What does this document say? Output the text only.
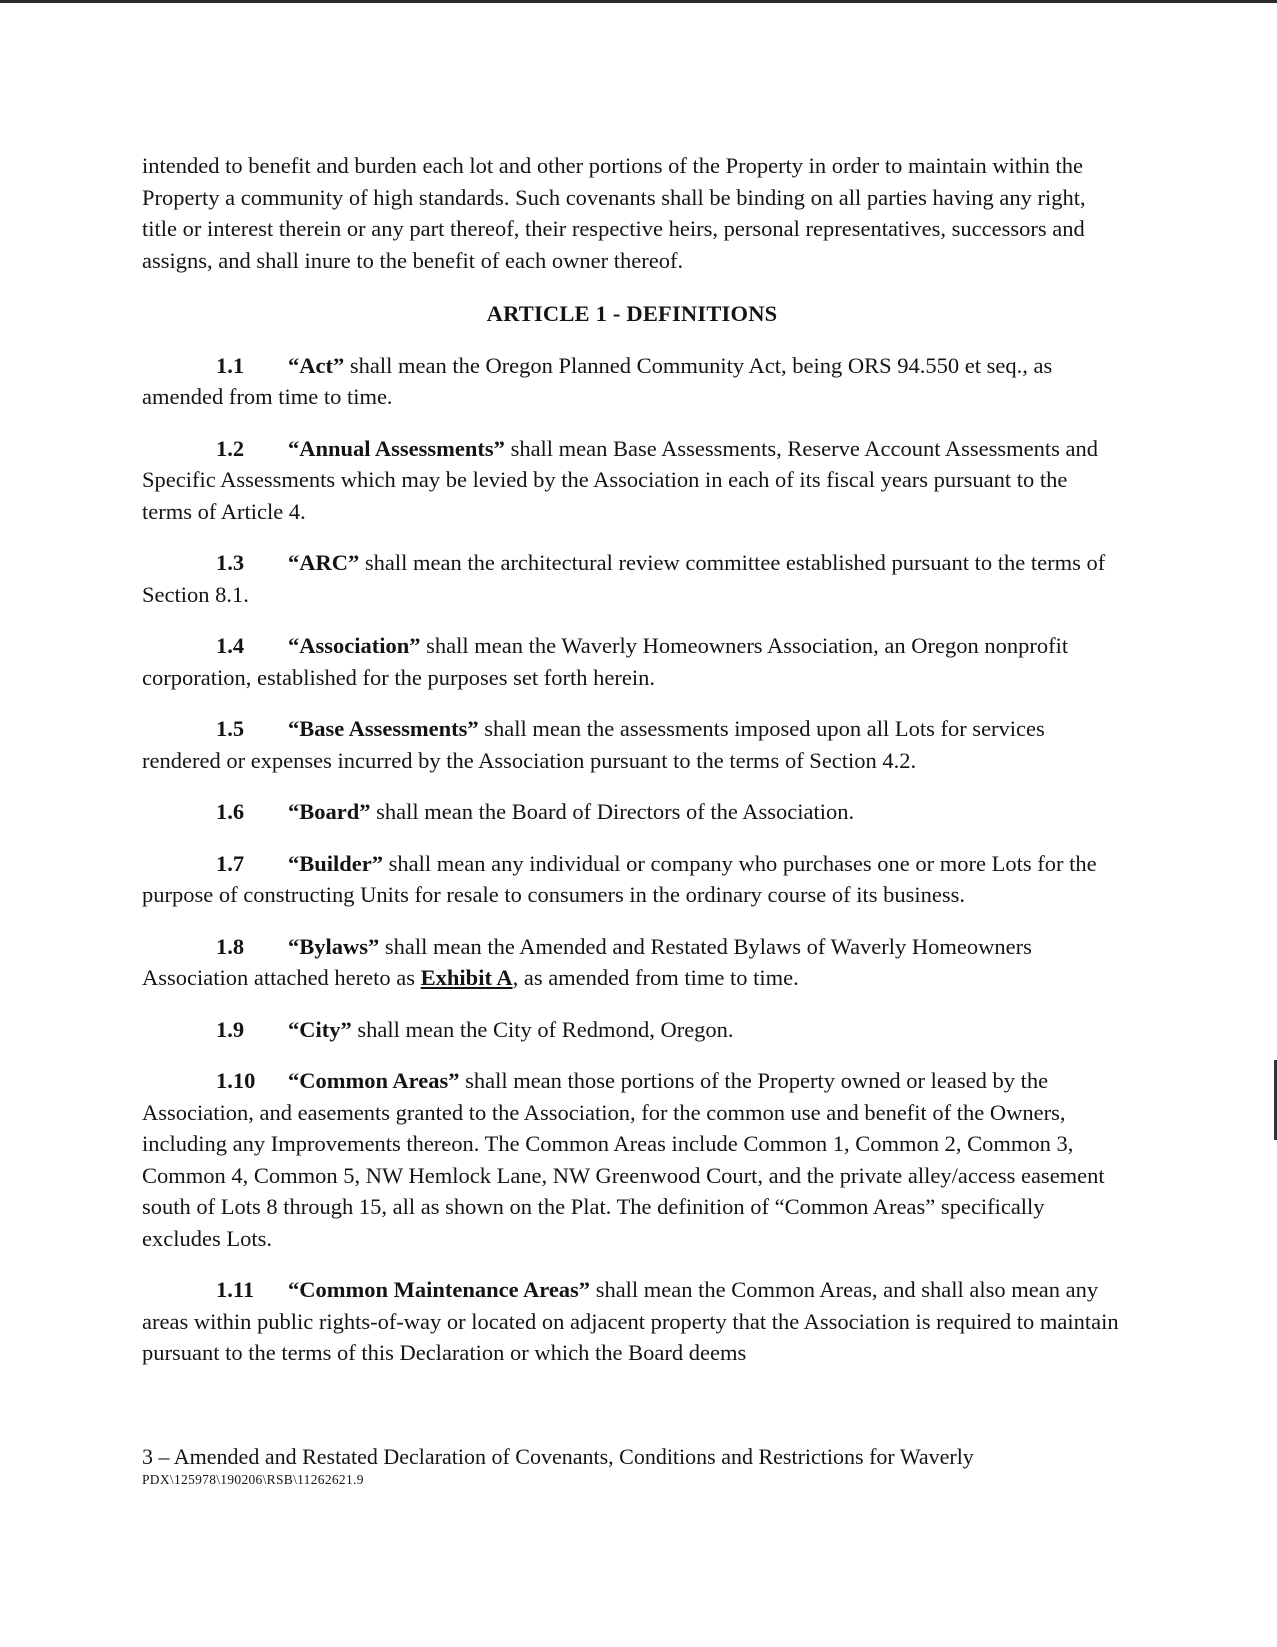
intended to benefit and burden each lot and other portions of the Property in order to maintain within the Property a community of high standards. Such covenants shall be binding on all parties having any right, title or interest therein or any part thereof, their respective heirs, personal representatives, successors and assigns, and shall inure to the benefit of each owner thereof.

ARTICLE 1 - DEFINITIONS

1.1 “Act” shall mean the Oregon Planned Community Act, being ORS 94.550 et seq., as amended from time to time.

1.2 “Annual Assessments” shall mean Base Assessments, Reserve Account Assessments and Specific Assessments which may be levied by the Association in each of its fiscal years pursuant to the terms of Article 4.

1.3 “ARC” shall mean the architectural review committee established pursuant to the terms of Section 8.1.

1.4 “Association” shall mean the Waverly Homeowners Association, an Oregon nonprofit corporation, established for the purposes set forth herein.

1.5 “Base Assessments” shall mean the assessments imposed upon all Lots for services rendered or expenses incurred by the Association pursuant to the terms of Section 4.2.

1.6 “Board” shall mean the Board of Directors of the Association.

1.7 “Builder” shall mean any individual or company who purchases one or more Lots for the purpose of constructing Units for resale to consumers in the ordinary course of its business.

1.8 “Bylaws” shall mean the Amended and Restated Bylaws of Waverly Homeowners Association attached hereto as Exhibit A, as amended from time to time.

1.9 “City” shall mean the City of Redmond, Oregon.

1.10 “Common Areas” shall mean those portions of the Property owned or leased by the Association, and easements granted to the Association, for the common use and benefit of the Owners, including any Improvements thereon. The Common Areas include Common 1, Common 2, Common 3, Common 4, Common 5, NW Hemlock Lane, NW Greenwood Court, and the private alley/access easement south of Lots 8 through 15, all as shown on the Plat. The definition of “Common Areas” specifically excludes Lots.

1.11 “Common Maintenance Areas” shall mean the Common Areas, and shall also mean any areas within public rights-of-way or located on adjacent property that the Association is required to maintain pursuant to the terms of this Declaration or which the Board deems

3 – Amended and Restated Declaration of Covenants, Conditions and Restrictions for Waverly
PDX\125978\190206\RSB\11262621.9
